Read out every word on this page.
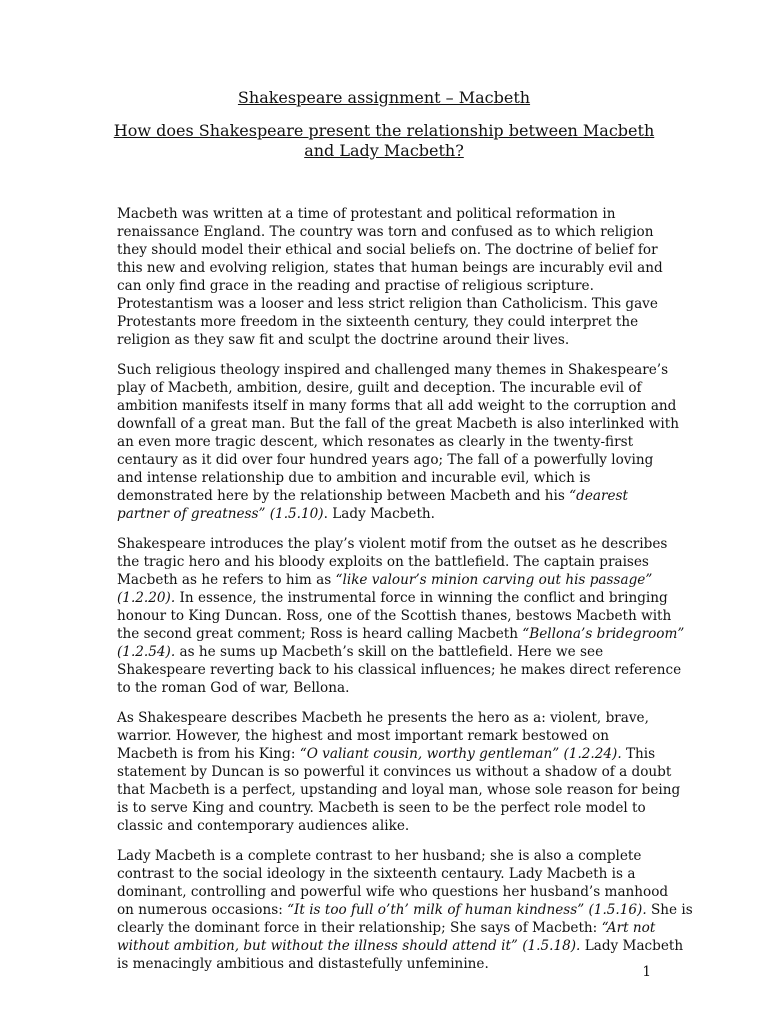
Shakespeare assignment – Macbeth
How does Shakespeare present the relationship between Macbeth
and Lady Macbeth?

Macbeth was written at a time of protestant and political reformation in
renaissance England. The country was torn and confused as to which religion
they should model their ethical and social beliefs on. The doctrine of belief for
this new and evolving religion, states that human beings are incurably evil and
can only find grace in the reading and practise of religious scripture.
Protestantism was a looser and less strict religion than Catholicism. This gave
Protestants more freedom in the sixteenth century, they could interpret the
religion as they saw fit and sculpt the doctrine around their lives.

Such religious theology inspired and challenged many themes in Shakespeare’s
play of Macbeth, ambition, desire, guilt and deception. The incurable evil of
ambition manifests itself in many forms that all add weight to the corruption and
downfall of a great man. But the fall of the great Macbeth is also interlinked with
an even more tragic descent, which resonates as clearly in the twenty-first
centaury as it did over four hundred years ago; The fall of a powerfully loving
and intense relationship due to ambition and incurable evil, which is
demonstrated here by the relationship between Macbeth and his “dearest
partner of greatness” (1.5.10). Lady Macbeth.

Shakespeare introduces the play’s violent motif from the outset as he describes
the tragic hero and his bloody exploits on the battlefield. The captain praises
Macbeth as he refers to him as “like valour’s minion carving out his passage”
(1.2.20). In essence, the instrumental force in winning the conflict and bringing
honour to King Duncan. Ross, one of the Scottish thanes, bestows Macbeth with
the second great comment; Ross is heard calling Macbeth “Bellona’s bridegroom”
(1.2.54). as he sums up Macbeth’s skill on the battlefield. Here we see
Shakespeare reverting back to his classical influences; he makes direct reference
to the roman God of war, Bellona.

As Shakespeare describes Macbeth he presents the hero as a: violent, brave,
warrior. However, the highest and most important remark bestowed on
Macbeth is from his King: “O valiant cousin, worthy gentleman” (1.2.24). This
statement by Duncan is so powerful it convinces us without a shadow of a doubt
that Macbeth is a perfect, upstanding and loyal man, whose sole reason for being
is to serve King and country. Macbeth is seen to be the perfect role model to
classic and contemporary audiences alike.

Lady Macbeth is a complete contrast to her husband; she is also a complete
contrast to the social ideology in the sixteenth centaury. Lady Macbeth is a
dominant, controlling and powerful wife who questions her husband’s manhood
on numerous occasions: “It is too full o’th’ milk of human kindness” (1.5.16). She is
clearly the dominant force in their relationship; She says of Macbeth: “Art not
without ambition, but without the illness should attend it” (1.5.18). Lady Macbeth
is menacingly ambitious and distastefully unfeminine.	1
